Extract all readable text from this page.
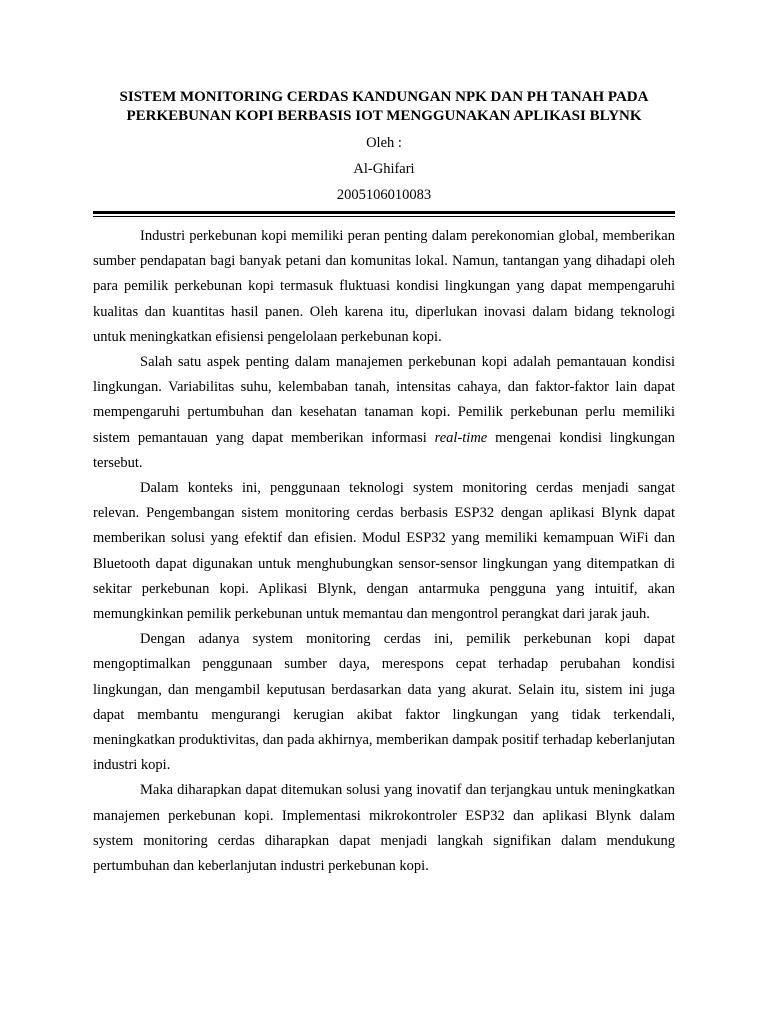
SISTEM MONITORING CERDAS KANDUNGAN NPK DAN PH TANAH PADA
PERKEBUNAN KOPI BERBASIS IOT MENGGUNAKAN APLIKASI BLYNK
Oleh :
Al-Ghifari
2005106010083

Industri perkebunan kopi memiliki peran penting dalam perekonomian global, memberikan sumber pendapatan bagi banyak petani dan komunitas lokal. Namun, tantangan yang dihadapi oleh para pemilik perkebunan kopi termasuk fluktuasi kondisi lingkungan yang dapat mempengaruhi kualitas dan kuantitas hasil panen. Oleh karena itu, diperlukan inovasi dalam bidang teknologi untuk meningkatkan efisiensi pengelolaan perkebunan kopi.

Salah satu aspek penting dalam manajemen perkebunan kopi adalah pemantauan kondisi lingkungan. Variabilitas suhu, kelembaban tanah, intensitas cahaya, dan faktor-faktor lain dapat mempengaruhi pertumbuhan dan kesehatan tanaman kopi. Pemilik perkebunan perlu memiliki sistem pemantauan yang dapat memberikan informasi real-time mengenai kondisi lingkungan tersebut.

Dalam konteks ini, penggunaan teknologi system monitoring cerdas menjadi sangat relevan. Pengembangan sistem monitoring cerdas berbasis ESP32 dengan aplikasi Blynk dapat memberikan solusi yang efektif dan efisien. Modul ESP32 yang memiliki kemampuan WiFi dan Bluetooth dapat digunakan untuk menghubungkan sensor-sensor lingkungan yang ditempatkan di sekitar perkebunan kopi. Aplikasi Blynk, dengan antarmuka pengguna yang intuitif, akan memungkinkan pemilik perkebunan untuk memantau dan mengontrol perangkat dari jarak jauh.

Dengan adanya system monitoring cerdas ini, pemilik perkebunan kopi dapat mengoptimalkan penggunaan sumber daya, merespons cepat terhadap perubahan kondisi lingkungan, dan mengambil keputusan berdasarkan data yang akurat. Selain itu, sistem ini juga dapat membantu mengurangi kerugian akibat faktor lingkungan yang tidak terkendali, meningkatkan produktivitas, dan pada akhirnya, memberikan dampak positif terhadap keberlanjutan industri kopi.

Maka diharapkan dapat ditemukan solusi yang inovatif dan terjangkau untuk meningkatkan manajemen perkebunan kopi. Implementasi mikrokontroler ESP32 dan aplikasi Blynk dalam system monitoring cerdas diharapkan dapat menjadi langkah signifikan dalam mendukung pertumbuhan dan keberlanjutan industri perkebunan kopi.
